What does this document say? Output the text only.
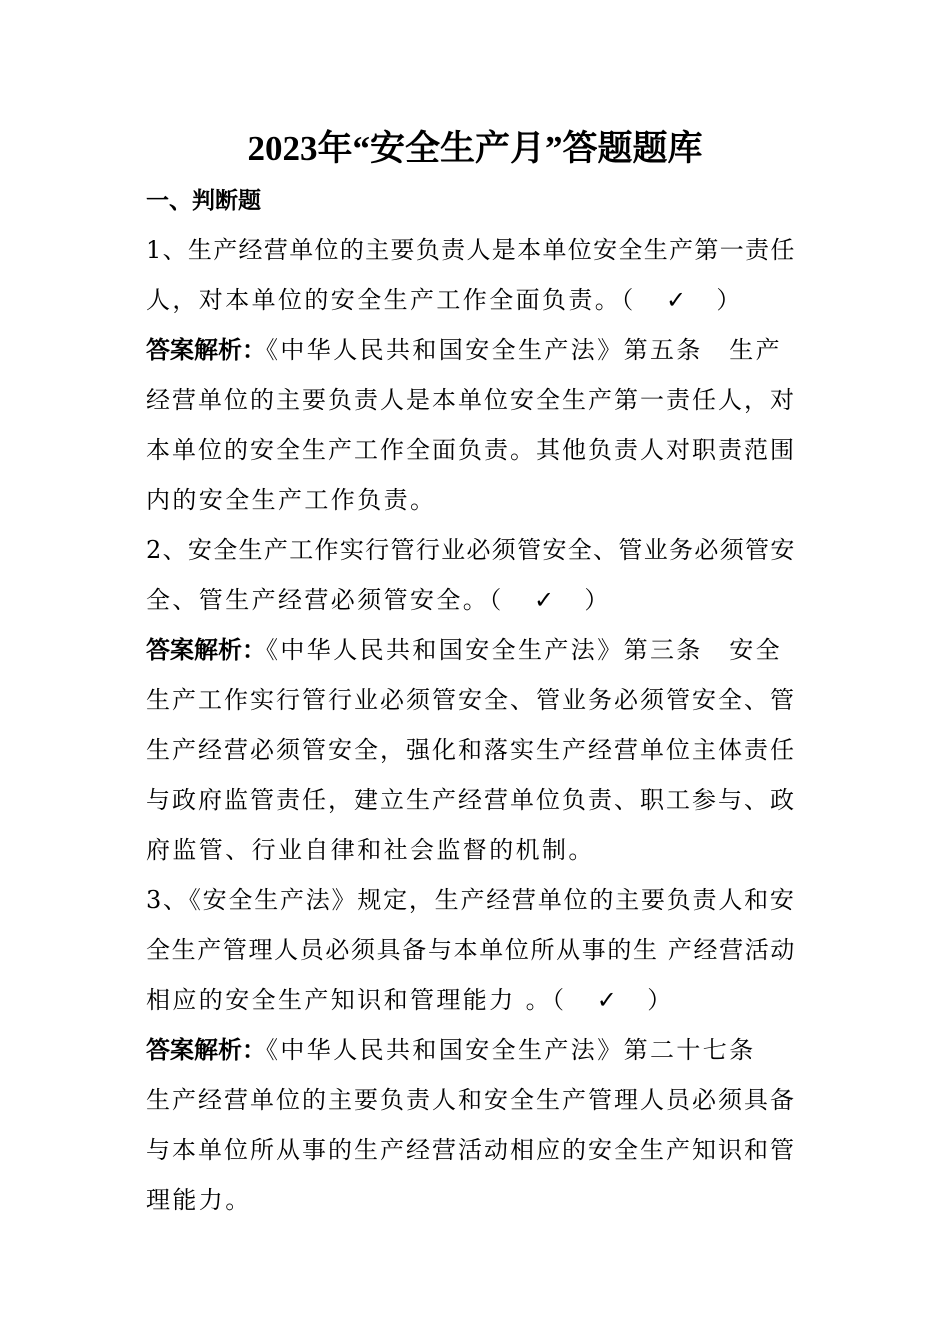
2023年“安全生产月”答题题库
一、判断题
1、生产经营单位的主要负责人是本单位安全生产第一责任
人，对本单位的安全生产工作全面负责。（　 ✓　 ）
答案解析：《中华人民共和国安全生产法》第五条　生产
经营单位的主要负责人是本单位安全生产第一责任人，对
本单位的安全生产工作全面负责。其他负责人对职责范围
内的安全生产工作负责。
2、安全生产工作实行管行业必须管安全、管业务必须管安
全、管生产经营必须管安全。（　 ✓　 ）
答案解析：《中华人民共和国安全生产法》第三条　安全
生产工作实行管行业必须管安全、管业务必须管安全、管
生产经营必须管安全，强化和落实生产经营单位主体责任
与政府监管责任，建立生产经营单位负责、职工参与、政
府监管、行业自律和社会监督的机制。
3、《安全生产法》规定，生产经营单位的主要负责人和安
全生产管理人员必须具备与本单位所从事的生 产经营活动
相应的安全生产知识和管理能力 。（　 ✓　 ）
答案解析：《中华人民共和国安全生产法》第二十七条
生产经营单位的主要负责人和安全生产管理人员必须具备
与本单位所从事的生产经营活动相应的安全生产知识和管
理能力。
